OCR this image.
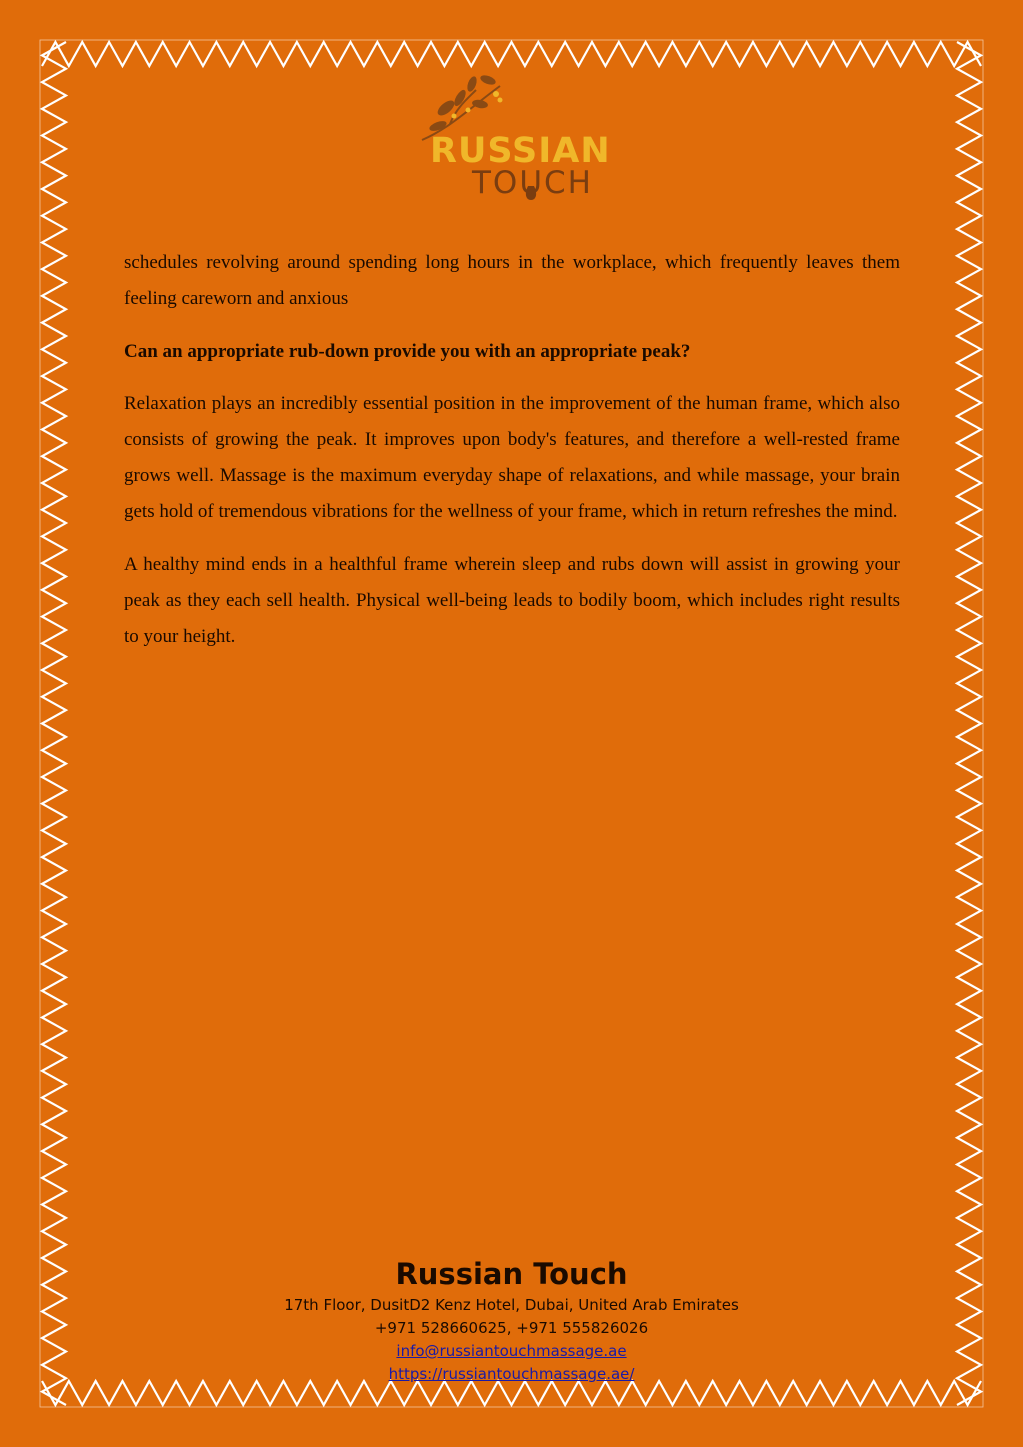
RUSSIAN
TOUCH

schedules revolving around spending long hours in the workplace, which frequently leaves them feeling careworn and anxious

Can an appropriate rub-down provide you with an appropriate peak?

Relaxation plays an incredibly essential position in the improvement of the human frame, which also consists of growing the peak. It improves upon body's features, and therefore a well-rested frame grows well. Massage is the maximum everyday shape of relaxations, and while massage, your brain gets hold of tremendous vibrations for the wellness of your frame, which in return refreshes the mind.

A healthy mind ends in a healthful frame wherein sleep and rubs down will assist in growing your peak as they each sell health. Physical well-being leads to bodily boom, which includes right results to your height.

Russian Touch
17th Floor, DusitD2 Kenz Hotel, Dubai, United Arab Emirates
+971 528660625, +971 555826026
info@russiantouchmassage.ae
https://russiantouchmassage.ae/
